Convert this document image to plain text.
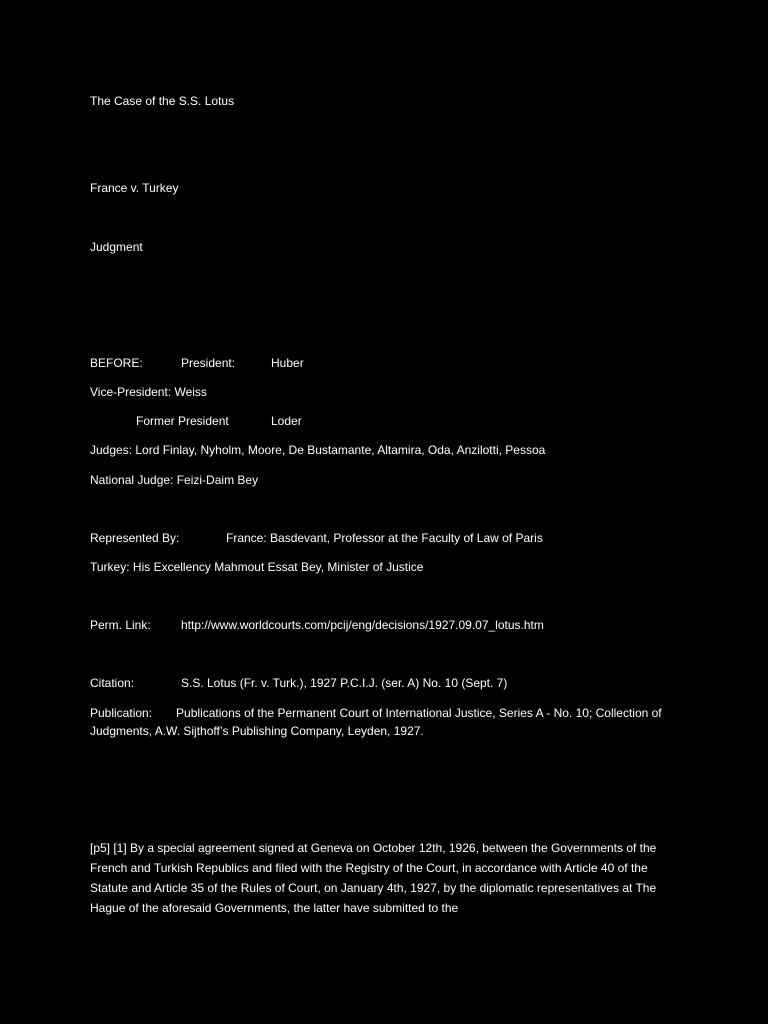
The Case of the S.S. Lotus

France v. Turkey

Judgment

BEFORE:	President:	Huber

Vice-President: Weiss

Former President	Loder

Judges: Lord Finlay, Nyholm, Moore, De Bustamante, Altamira, Oda, Anzilotti, Pessoa

National Judge: Feizi-Daim Bey

Represented By:	France: Basdevant, Professor at the Faculty of Law of Paris

Turkey: His Excellency Mahmout Essat Bey, Minister of Justice

Perm. Link:	http://www.worldcourts.com/pcij/eng/decisions/1927.09.07_lotus.htm
Citation:	S.S. Lotus (Fr. v. Turk.), 1927 P.C.I.J. (ser. A) No. 10 (Sept. 7)

Publication: Publications of the Permanent Court of International Justice, Series A - No. 10; Collection of Judgments, A.W. Sijthoff’s Publishing Company, Leyden, 1927.

[p5] [1] By a special agreement signed at Geneva on October 12th, 1926, between the Governments of the French and Turkish Republics and filed with the Registry of the Court, in accordance with Article 40 of the Statute and Article 35 of the Rules of Court, on January 4th, 1927, by the diplomatic representatives at The Hague of the aforesaid Governments, the latter have submitted to the
